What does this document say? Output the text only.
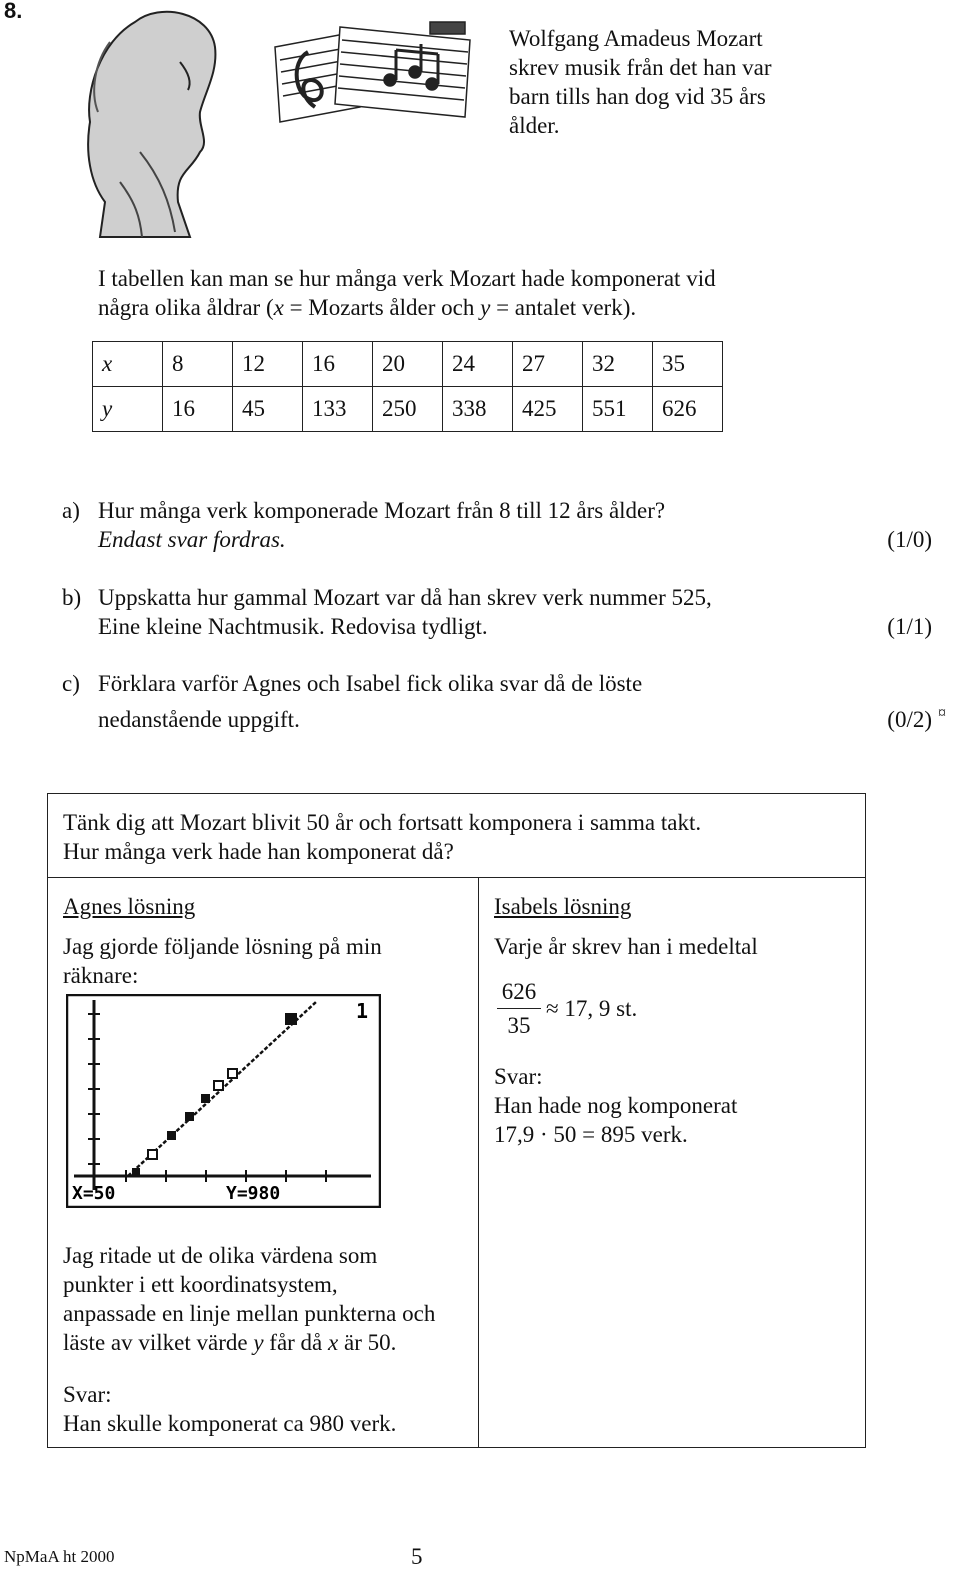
8.
Wolfgang Amadeus Mozart
skrev musik från det han var
barn tills han dog vid 35 års
ålder.
I tabellen kan man se hur många verk Mozart hade komponerat vid
några olika åldrar (x = Mozarts ålder och y = antalet verk).
x	8	12	16	20	24	27	32	35
y	16	45	133	250	338	425	551	626
a) Hur många verk komponerade Mozart från 8 till 12 års ålder?
Endast svar fordras.	(1/0)
b) Uppskatta hur gammal Mozart var då han skrev verk nummer 525,
Eine kleine Nachtmusik. Redovisa tydligt.	(1/1)
c) Förklara varför Agnes och Isabel fick olika svar då de löste
nedanstående uppgift.	(0/2) ¤
Tänk dig att Mozart blivit 50 år och fortsatt komponera i samma takt.
Hur många verk hade han komponerat då?
Agnes lösning
Jag gjorde följande lösning på min
räknare:
1
X=50	Y=980
Jag ritade ut de olika värdena som
punkter i ett koordinatsystem,
anpassade en linje mellan punkterna och
läste av vilket värde y får då x är 50.
Svar:
Han skulle komponerat ca 980 verk.
Isabels lösning
Varje år skrev han i medeltal
626
35
≈ 17, 9 st.
Svar:
Han hade nog komponerat
17,9 · 50 = 895 verk.
NpMaA ht 2000	5
